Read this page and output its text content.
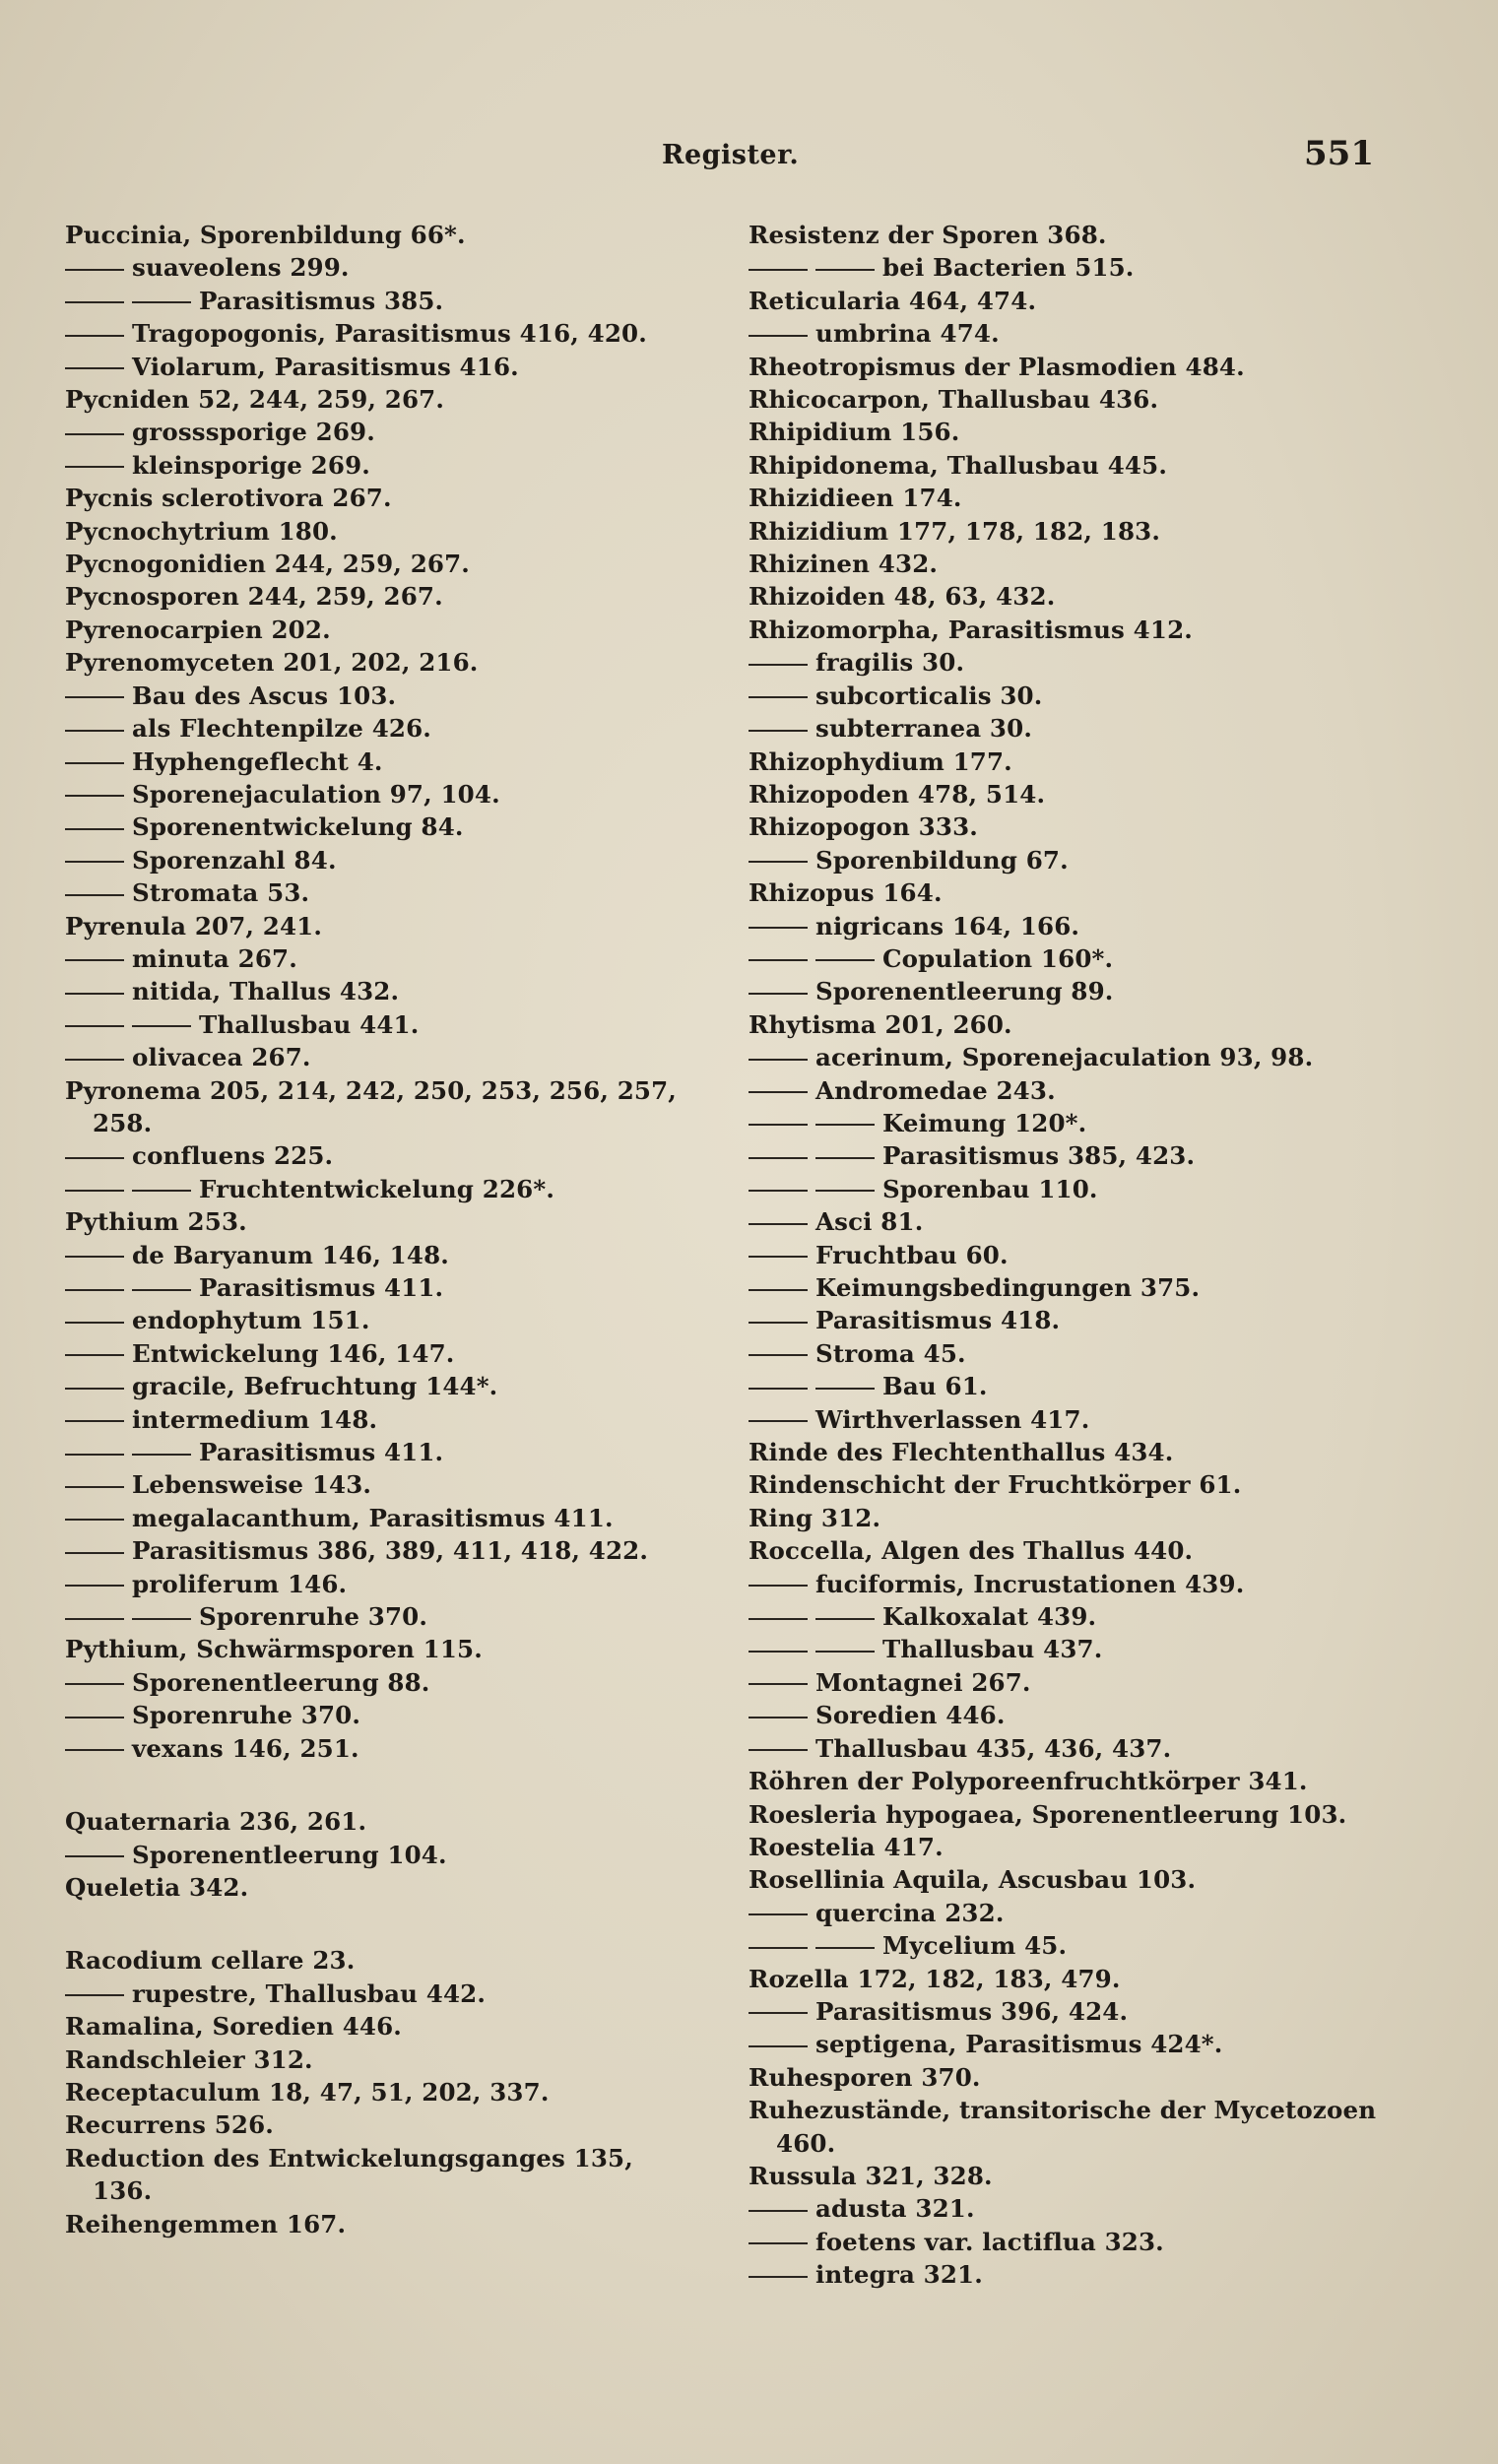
Register.	551
Puccinia, Sporenbildung 66*.
suaveolens 299.
Parasitismus 385.
Tragopogonis, Parasitismus 416, 420.
Violarum, Parasitismus 416.
Pycniden 52, 244, 259, 267.
grosssporige 269.
kleinsporige 269.
Pycnis sclerotivora 267.
Pycnochytrium 180.
Pycnogonidien 244, 259, 267.
Pycnosporen 244, 259, 267.
Pyrenocarpien 202.
Pyrenomyceten 201, 202, 216.
Bau des Ascus 103.
als Flechtenpilze 426.
Hyphengeflecht 4.
Sporenejaculation 97, 104.
Sporenentwickelung 84.
Sporenzahl 84.
Stromata 53.
Pyrenula 207, 241.
minuta 267.
nitida, Thallus 432.
Thallusbau 441.
olivacea 267.
Pyronema 205, 214, 242, 250, 253, 256, 257,
258.
confluens 225.
Fruchtentwickelung 226*.
Pythium 253.
de Baryanum 146, 148.
Parasitismus 411.
endophytum 151.
Entwickelung 146, 147.
gracile, Befruchtung 144*.
intermedium 148.
Parasitismus 411.
Lebensweise 143.
megalacanthum, Parasitismus 411.
Parasitismus 386, 389, 411, 418, 422.
proliferum 146.
Sporenruhe 370.
Pythium, Schwärmsporen 115.
Sporenentleerung 88.
Sporenruhe 370.
vexans 146, 251.
Quaternaria 236, 261.
Sporenentleerung 104.
Queletia 342.
Racodium cellare 23.
rupestre, Thallusbau 442.
Ramalina, Soredien 446.
Randschleier 312.
Receptaculum 18, 47, 51, 202, 337.
Recurrens 526.
Reduction des Entwickelungsganges 135,
136.
Reihengemmen 167.
Resistenz der Sporen 368.
bei Bacterien 515.
Reticularia 464, 474.
umbrina 474.
Rheotropismus der Plasmodien 484.
Rhicocarpon, Thallusbau 436.
Rhipidium 156.
Rhipidonema, Thallusbau 445.
Rhizidieen 174.
Rhizidium 177, 178, 182, 183.
Rhizinen 432.
Rhizoiden 48, 63, 432.
Rhizomorpha, Parasitismus 412.
fragilis 30.
subcorticalis 30.
subterranea 30.
Rhizophydium 177.
Rhizopoden 478, 514.
Rhizopogon 333.
Sporenbildung 67.
Rhizopus 164.
nigricans 164, 166.
Copulation 160*.
Sporenentleerung 89.
Rhytisma 201, 260.
acerinum, Sporenejaculation 93, 98.
Andromedae 243.
Keimung 120*.
Parasitismus 385, 423.
Sporenbau 110.
Asci 81.
Fruchtbau 60.
Keimungsbedingungen 375.
Parasitismus 418.
Stroma 45.
Bau 61.
Wirthverlassen 417.
Rinde des Flechtenthallus 434.
Rindenschicht der Fruchtkörper 61.
Ring 312.
Roccella, Algen des Thallus 440.
fuciformis, Incrustationen 439.
Kalkoxalat 439.
Thallusbau 437.
Montagnei 267.
Soredien 446.
Thallusbau 435, 436, 437.
Röhren der Polyporeenfruchtkörper 341.
Roesleria hypogaea, Sporenentleerung 103.
Roestelia 417.
Rosellinia Aquila, Ascusbau 103.
quercina 232.
Mycelium 45.
Rozella 172, 182, 183, 479.
Parasitismus 396, 424.
septigena, Parasitismus 424*.
Ruhesporen 370.
Ruhezustände, transitorische der Mycetozoen
460.
Russula 321, 328.
adusta 321.
foetens var. lactiflua 323.
integra 321.
